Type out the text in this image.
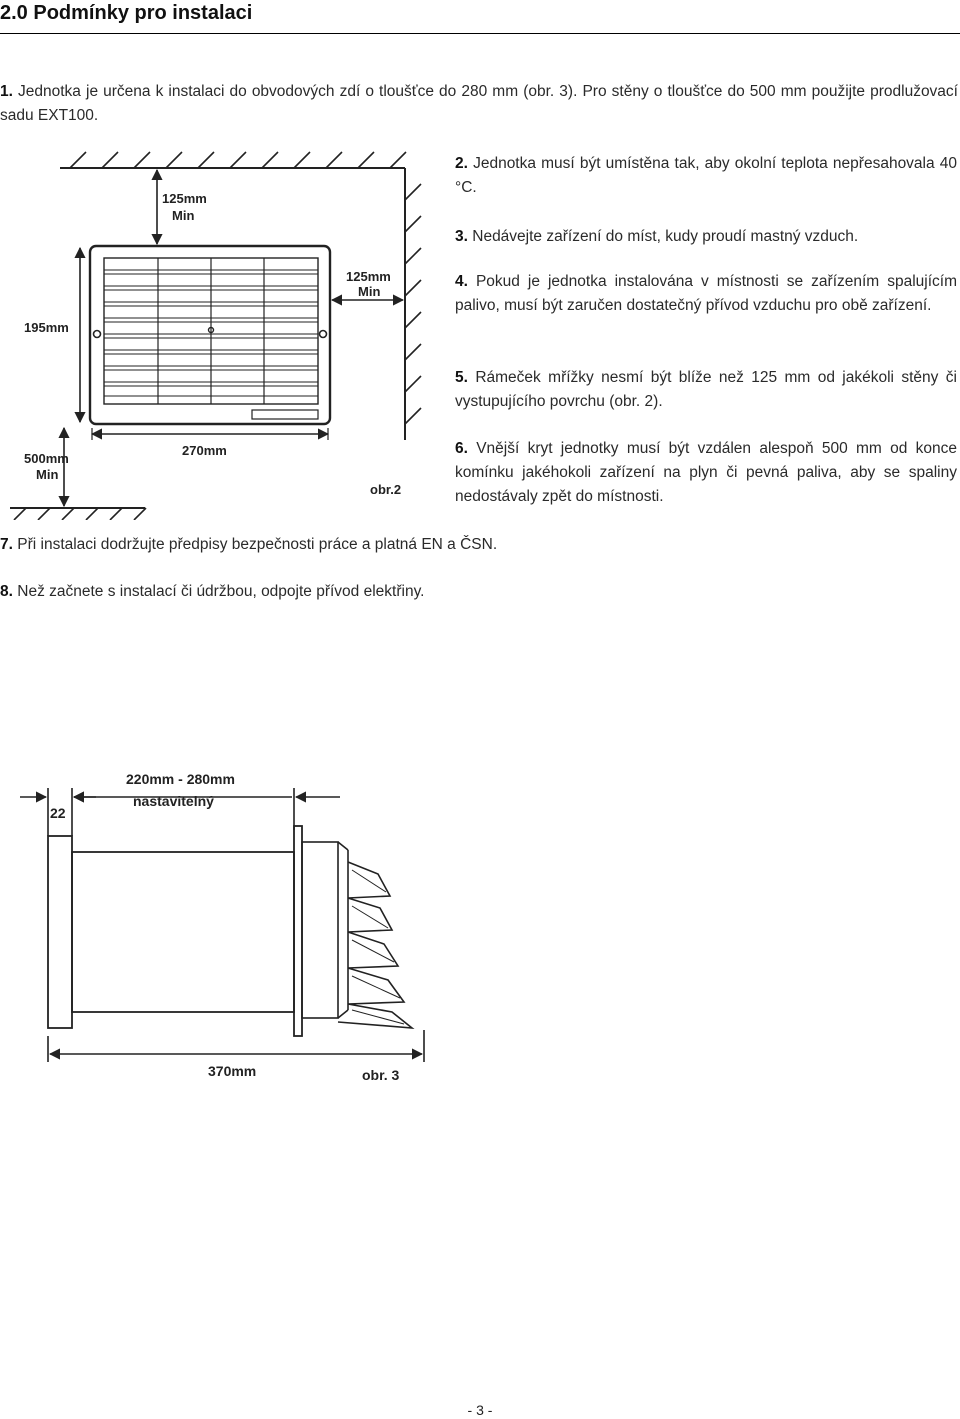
2.0 Podmínky pro instalaci
1. Jednotka je určena k instalaci do obvodových zdí o tloušťce do 280 mm (obr. 3). Pro stěny o tloušťce do 500 mm použijte prodlužovací sadu EXT100.
2. Jednotka musí být umístěna tak, aby okolní teplota nepřesahovala 40 °C.
3. Nedávejte zařízení do míst, kudy proudí mastný vzduch.
4. Pokud je jednotka instalována v místnosti se zařízením spalujícím palivo, musí být zaručen dostatečný přívod vzduchu pro obě zařízení.
5. Rámeček mřížky nesmí být blíže než 125 mm od jakékoli stěny či vystupujícího povrchu (obr. 2).
6. Vnější kryt jednotky musí být vzdálen alespoň 500 mm od konce komínku jakéhokoli zařízení na plyn či pevná paliva, aby se spaliny nedostávaly zpět do místnosti.
7. Při instalaci dodržujte předpisy bezpečnosti práce a platná EN a ČSN.
8. Než začnete s instalací či údržbou, odpojte přívod elektřiny.
125mm
Min
125mm
Min
195mm
270mm
500mm
Min
obr.2
220mm - 280mm
nastavitelný
22
370mm	obr. 3
- 3 -
